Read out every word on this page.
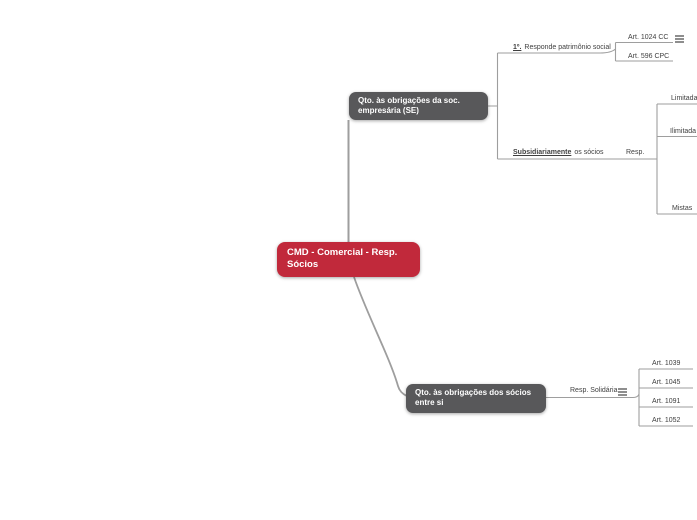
CMD - Comercial - Resp.
Sócios
Qto. às obrigações da soc.
empresária (SE)
Qto. às obrigações dos sócios
entre si
1º. Responde patrimônio social
Art. 1024 CC
Art. 596 CPC
Subsidiariamente os sócios	Resp.
Limitada
Ilimitada
Mistas
Resp. Solidária
Art. 1039
Art. 1045
Art. 1091
Art. 1052
